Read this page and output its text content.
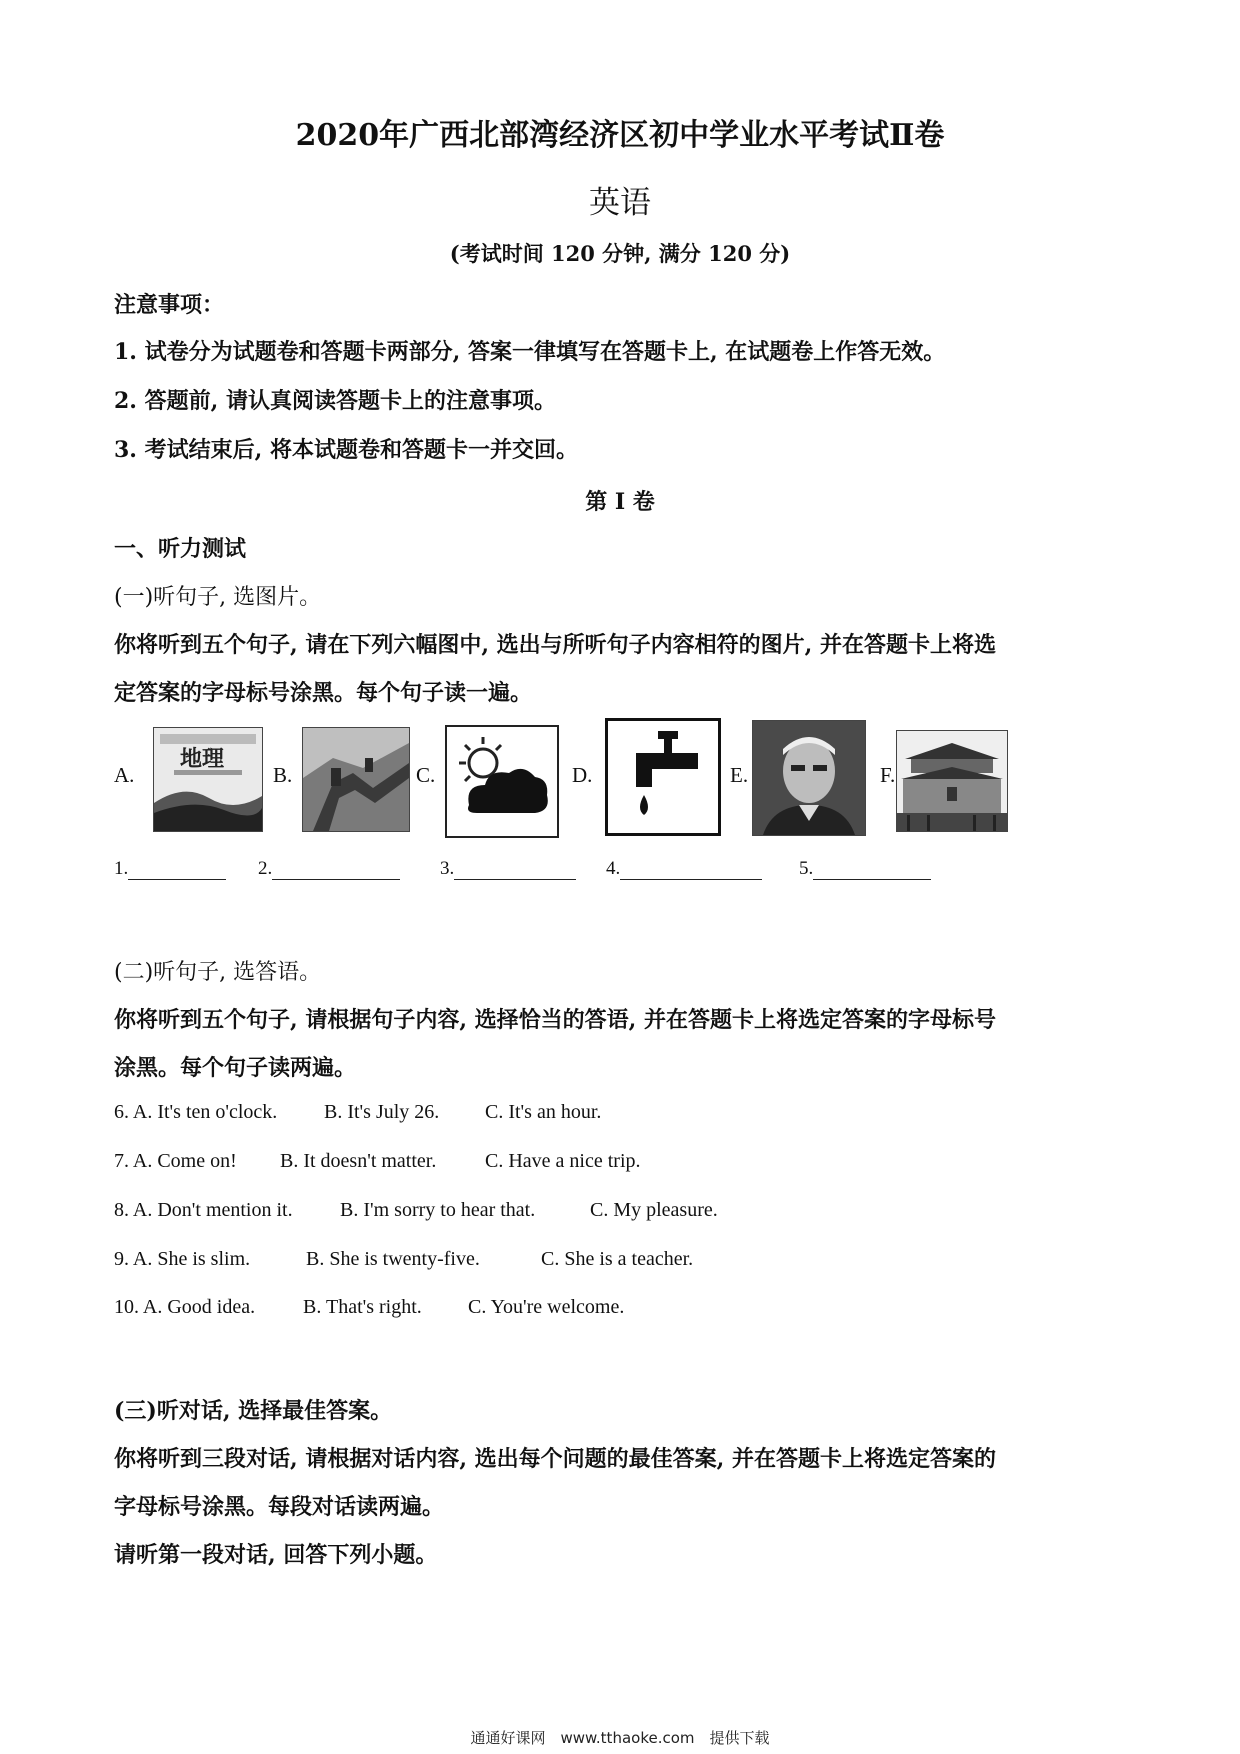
2020年广西北部湾经济区初中学业水平考试Ⅱ卷
英语
(考试时间 120 分钟, 满分 120 分)
注意事项：
1. 试卷分为试题卷和答题卡两部分, 答案一律填写在答题卡上, 在试题卷上作答无效。
2. 答题前, 请认真阅读答题卡上的注意事项。
3. 考试结束后, 将本试题卷和答题卡一并交回。
第 I 卷
一、听力测试
(一)听句子, 选图片。
你将听到五个句子, 请在下列六幅图中, 选出与所听句子内容相符的图片, 并在答题卡上将选
定答案的字母标号涂黑。每个句子读一遍。
A.
地理
B.	C.	D.	E.	F.
1.	2.	3.	4.	5.
(二)听句子, 选答语。
你将听到五个句子, 请根据句子内容, 选择恰当的答语, 并在答题卡上将选定答案的字母标号
涂黑。每个句子读两遍。
6. A. It's ten o'clock. B. It's July 26. C. It's an hour.
7. A. Come on! B. It doesn't matter. C. Have a nice trip.
8. A. Don't mention it. B. I'm sorry to hear that.	C. My pleasure.
9. A. She is slim.	B. She is twenty-five.	C. She is a teacher.
10. A. Good idea. B. That's right. C. You're welcome.
(三)听对话, 选择最佳答案。
你将听到三段对话, 请根据对话内容, 选出每个问题的最佳答案, 并在答题卡上将选定答案的
字母标号涂黑。每段对话读两遍。
请听第一段对话, 回答下列小题。
通通好课网　www.tthaoke.com　提供下载
